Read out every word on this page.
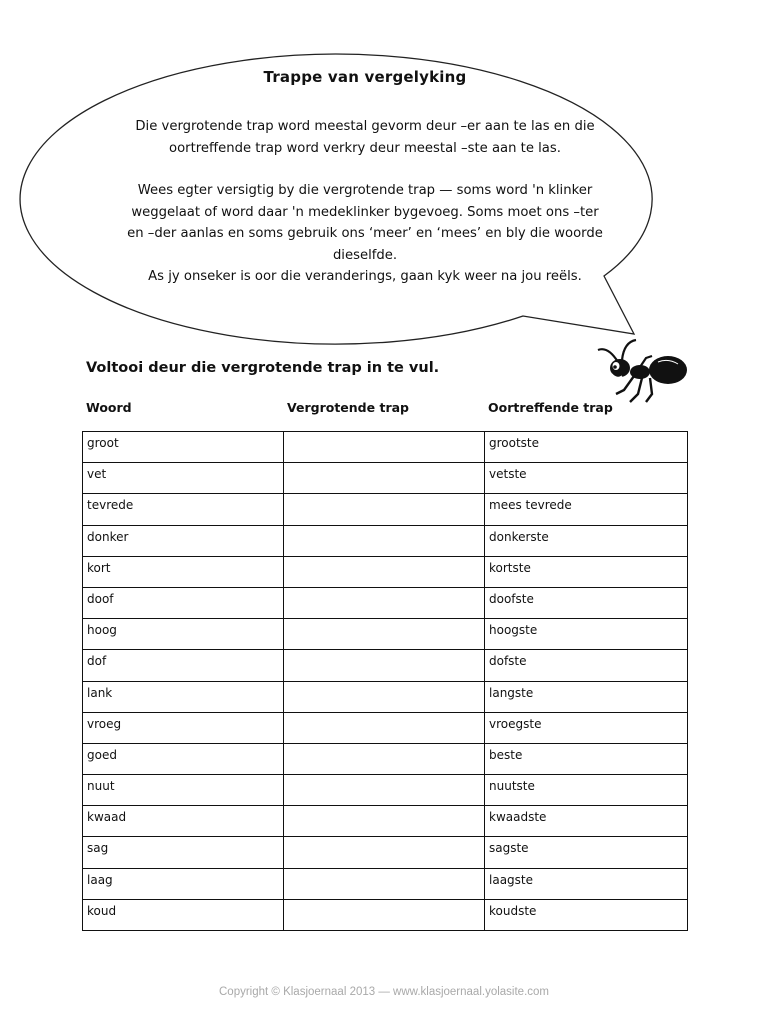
Trappe van vergelyking
Die vergrotende trap word meestal gevorm deur –er aan te las en die oortreffende trap word verkry deur meestal –ste aan te las.
Wees egter versigtig by die vergrotende trap — soms word 'n klinker
weggelaat of word daar 'n medeklinker bygevoeg. Soms moet ons –ter
en –der aanlas en soms gebruik ons ‘meer’ en ‘mees’ en bly die woorde
dieselfde.
As jy onseker is oor die veranderings, gaan kyk weer na jou reëls.
Voltooi deur die vergrotende trap in te vul.
Woord	Vergrotende trap	Oortreffende trap
groot		grootste
vet		vetste
tevrede		mees tevrede
donker		donkerste
kort		kortste
doof		doofste
hoog		hoogste
dof		dofste
lank		langste
vroeg		vroegste
goed		beste
nuut		nuutste
kwaad		kwaadste
sag		sagste
laag		laagste
koud		koudste
Copyright © Klasjoernaal 2013 — www.klasjoernaal.yolasite.com
